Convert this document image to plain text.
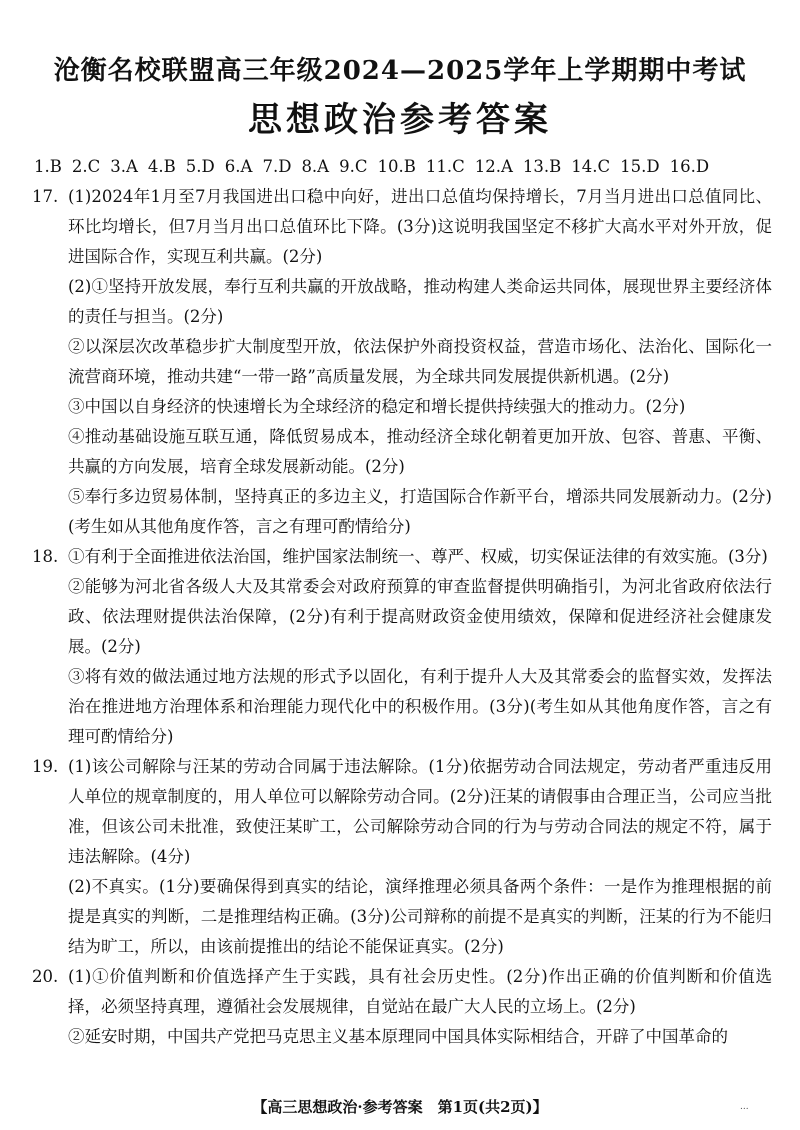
沧衡名校联盟高三年级2024—2025学年上学期期中考试
思想政治参考答案
1.B 2.C 3.A 4.B 5.D 6.A 7.D 8.A 9.C 10.B 11.C 12.A 13.B 14.C 15.D 16.D
17. (1)2024年1月至7月我国进出口稳中向好，进出口总值均保持增长，7月当月进出口总值同比、环比均增长，但7月当月出口总值环比下降。(3分)这说明我国坚定不移扩大高水平对外开放，促进国际合作，实现互利共赢。(2分)
(2)①坚持开放发展，奉行互利共赢的开放战略，推动构建人类命运共同体，展现世界主要经济体的责任与担当。(2分)
②以深层次改革稳步扩大制度型开放，依法保护外商投资权益，营造市场化、法治化、国际化一流营商环境，推动共建“一带一路”高质量发展，为全球共同发展提供新机遇。(2分)
③中国以自身经济的快速增长为全球经济的稳定和增长提供持续强大的推动力。(2分)
④推动基础设施互联互通，降低贸易成本，推动经济全球化朝着更加开放、包容、普惠、平衡、共赢的方向发展，培育全球发展新动能。(2分)
⑤奉行多边贸易体制，坚持真正的多边主义，打造国际合作新平台，增添共同发展新动力。(2分)(考生如从其他角度作答，言之有理可酌情给分)
18. ①有利于全面推进依法治国，维护国家法制统一、尊严、权威，切实保证法律的有效实施。(3分)
②能够为河北省各级人大及其常委会对政府预算的审查监督提供明确指引，为河北省政府依法行政、依法理财提供法治保障，(2分)有利于提高财政资金使用绩效，保障和促进经济社会健康发展。(2分)
③将有效的做法通过地方法规的形式予以固化，有利于提升人大及其常委会的监督实效，发挥法治在推进地方治理体系和治理能力现代化中的积极作用。(3分)(考生如从其他角度作答，言之有理可酌情给分)
19. (1)该公司解除与汪某的劳动合同属于违法解除。(1分)依据劳动合同法规定，劳动者严重违反用人单位的规章制度的，用人单位可以解除劳动合同。(2分)汪某的请假事由合理正当，公司应当批准，但该公司未批准，致使汪某旷工，公司解除劳动合同的行为与劳动合同法的规定不符，属于违法解除。(4分)
(2)不真实。(1分)要确保得到真实的结论，演绎推理必须具备两个条件：一是作为推理根据的前提是真实的判断，二是推理结构正确。(3分)公司辩称的前提不是真实的判断，汪某的行为不能归结为旷工，所以，由该前提推出的结论不能保证真实。(2分)
20. (1)①价值判断和价值选择产生于实践，具有社会历史性。(2分)作出正确的价值判断和价值选择，必须坚持真理，遵循社会发展规律，自觉站在最广大人民的立场上。(2分)
②延安时期，中国共产党把马克思主义基本原理同中国具体实际相结合，开辟了中国革命的
【高三思想政治·参考答案　第1页(共2页)】	...
